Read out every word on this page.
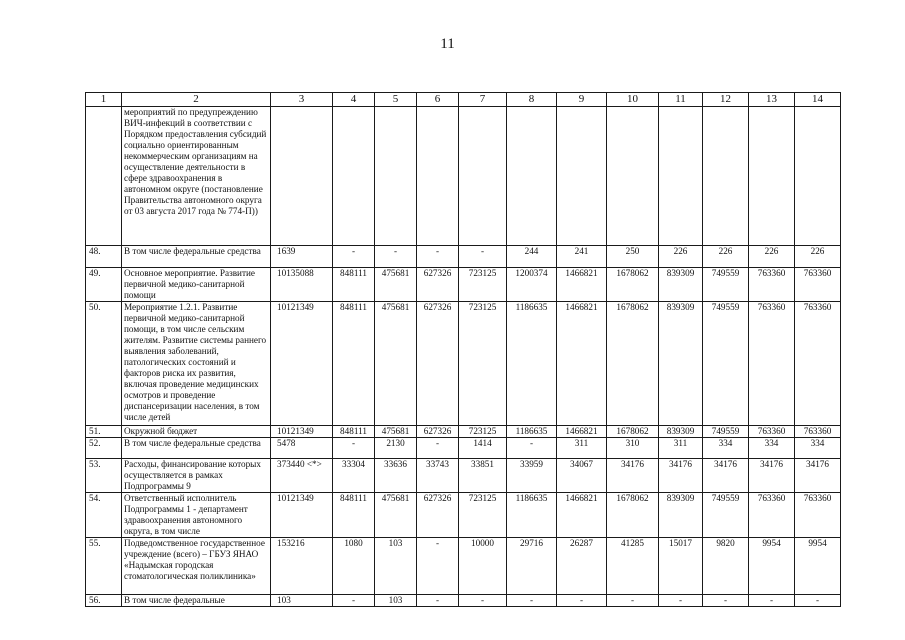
11
1	2	3	4	5	6	7	8	9	10	11	12	13	14
	мероприятий по предупреждению ВИЧ-инфекций в соответствии с Порядком предоставления субсидий социально ориентированным некоммерческим организациям на осуществление деятельности в сфере здравоохранения в автономном округе (постановление Правительства автономного округа от 03 августа 2017 года № 774-П))												
48.	В том числе федеральные средства	1639	-	-	-	-	244	241	250	226	226	226	226
49.	Основное мероприятие. Развитие первичной медико-санитарной помощи	10135088	848111	475681	627326	723125	1200374	1466821	1678062	839309	749559	763360	763360
50.	Мероприятие 1.2.1. Развитие первичной медико-санитарной помощи, в том числе сельским жителям. Развитие системы раннего выявления заболеваний, патологических состояний и факторов риска их развития, включая проведение медицинских осмотров и проведение диспансеризации населения, в том числе детей	10121349	848111	475681	627326	723125	1186635	1466821	1678062	839309	749559	763360	763360
51.	Окружной бюджет	10121349	848111	475681	627326	723125	1186635	1466821	1678062	839309	749559	763360	763360
52.	В том числе федеральные средства	5478	-	2130	-	1414	-	311	310	311	334	334	334
53.	Расходы, финансирование которых осуществляется в рамках Подпрограммы 9	373440 <*>	33304	33636	33743	33851	33959	34067	34176	34176	34176	34176	34176
54.	Ответственный исполнитель Подпрограммы 1 - департамент здравоохранения автономного округа, в том числе	10121349	848111	475681	627326	723125	1186635	1466821	1678062	839309	749559	763360	763360
55.	Подведомственное государственное учреждение (всего) – ГБУЗ ЯНАО «Надымская городская стоматологическая поликлиника»	153216	1080	103	-	10000	29716	26287	41285	15017	9820	9954	9954
56.	В том числе федеральные	103	-	103	-	-	-	-	-	-	-	-	-
